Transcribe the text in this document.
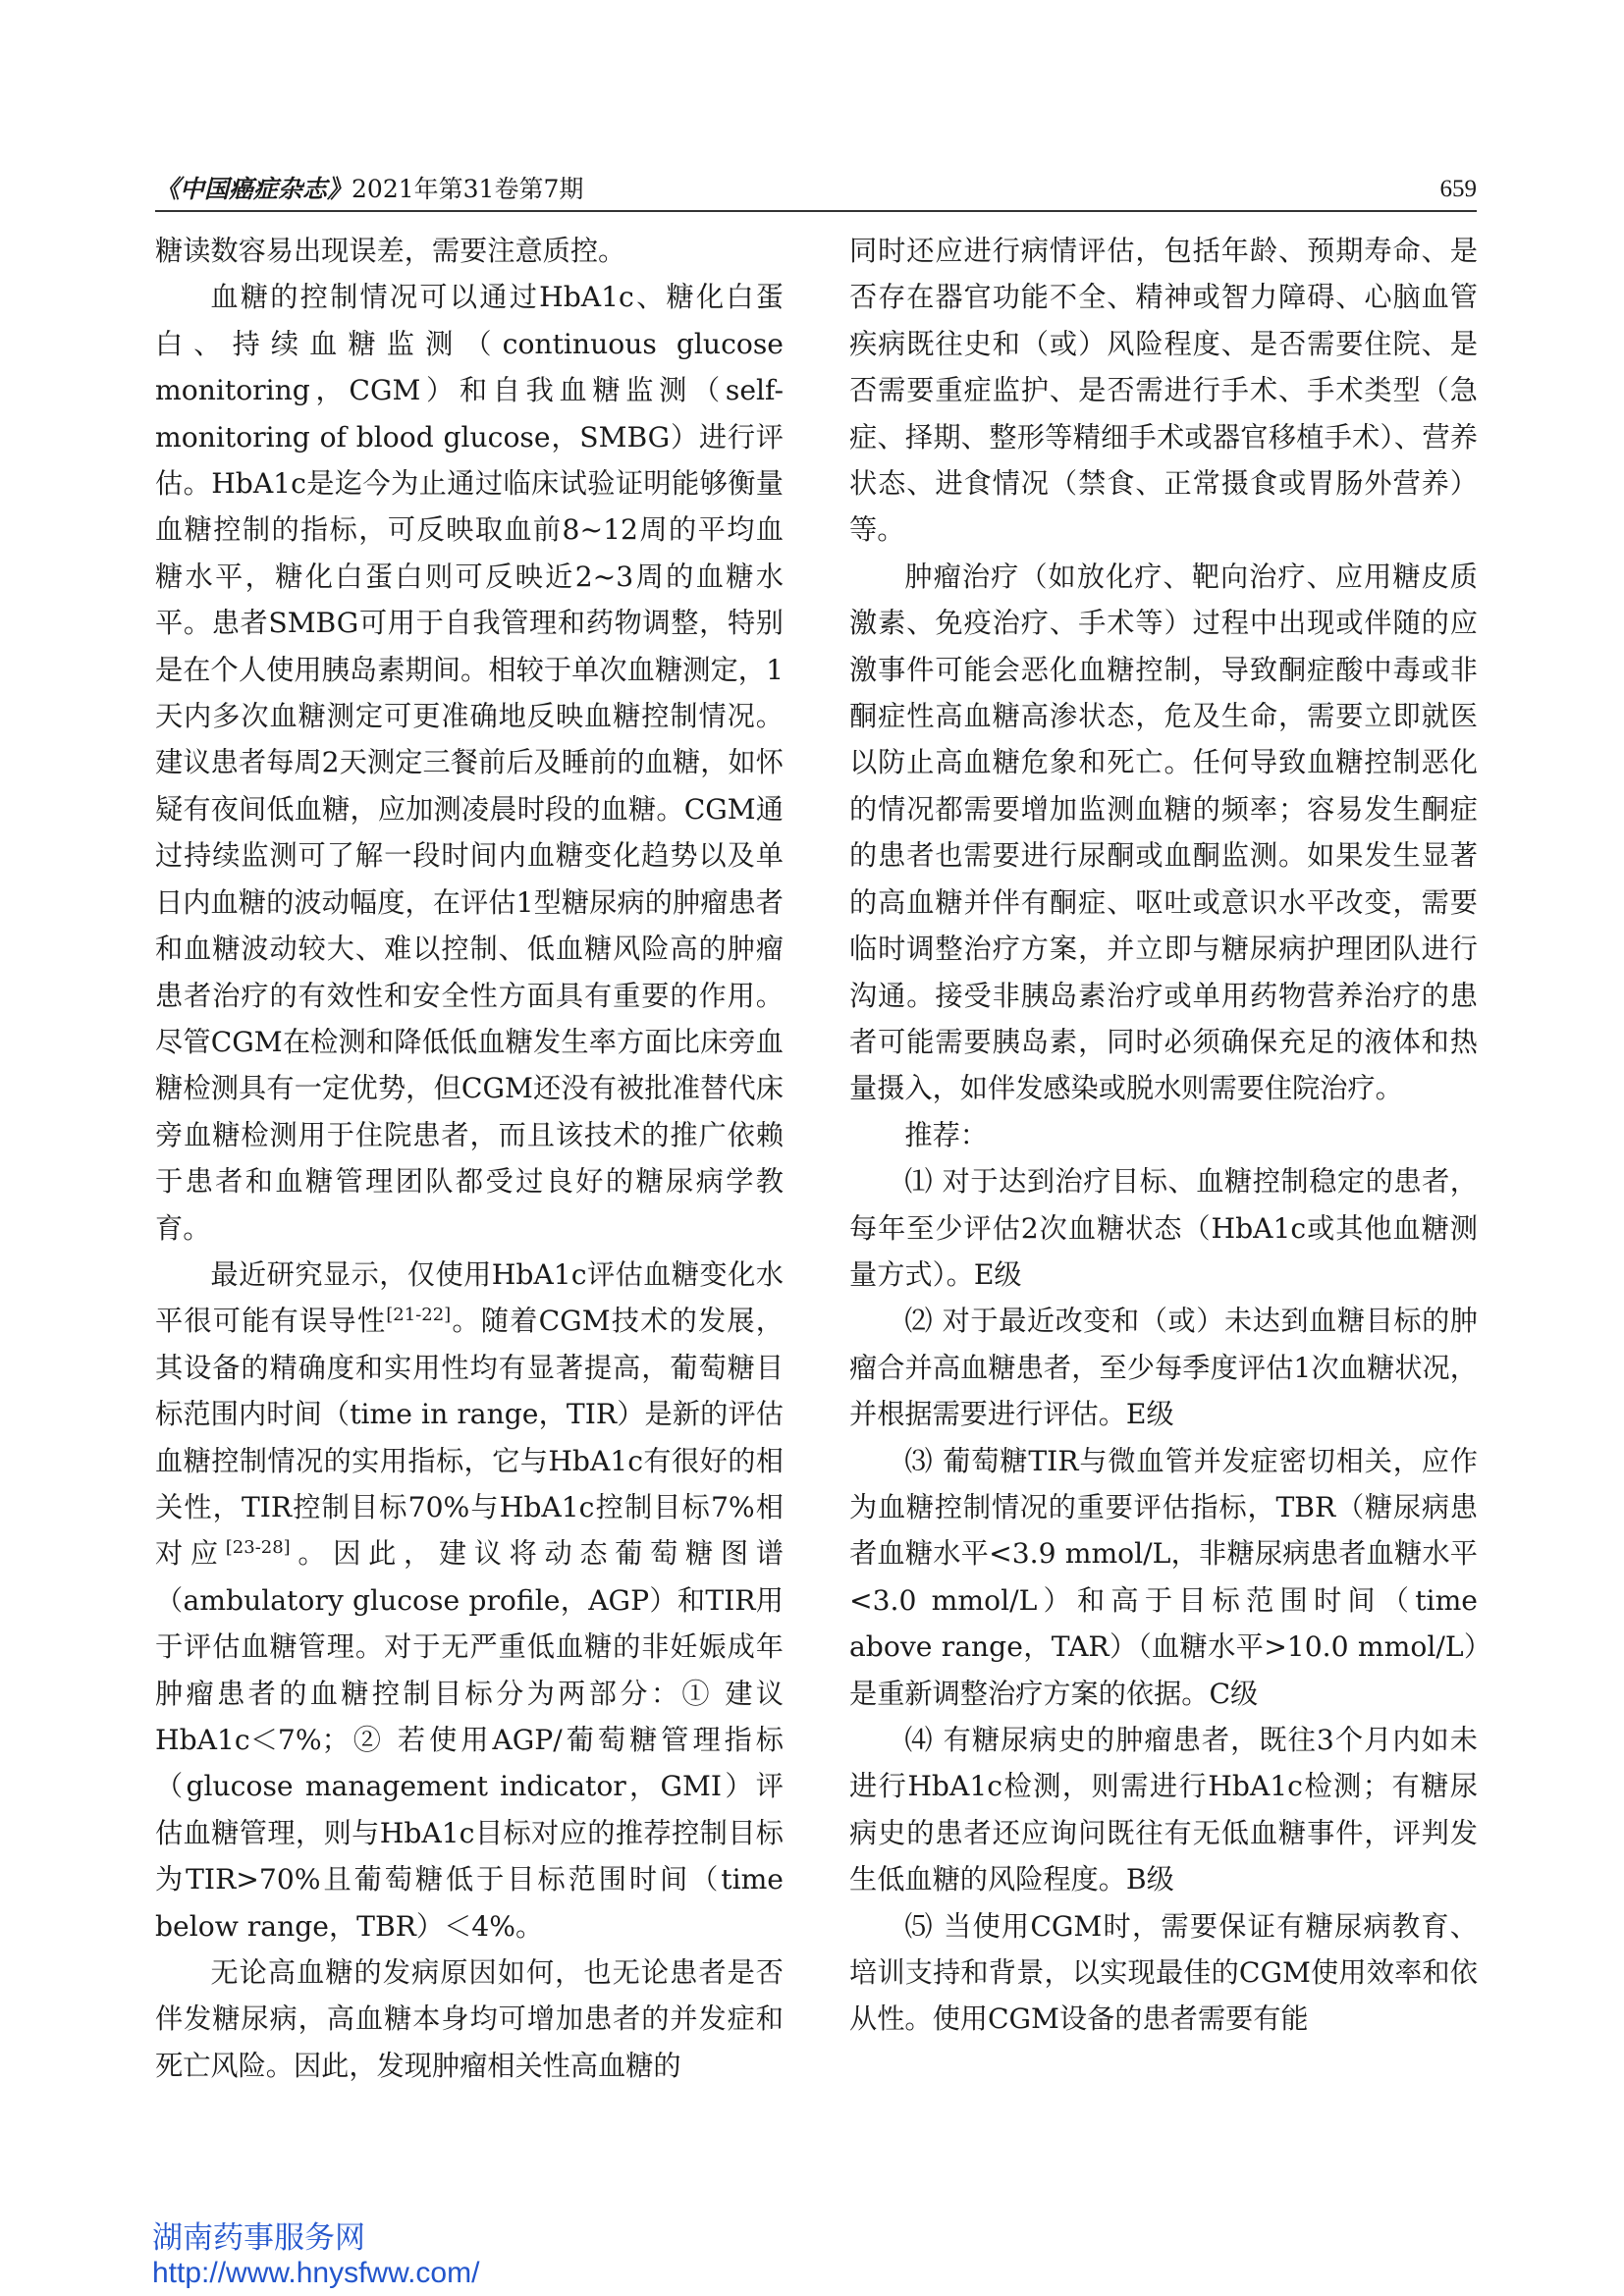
《中国癌症杂志》2021年第31卷第7期	659

糖读数容易出现误差，需要注意质控。

血糖的控制情况可以通过HbA1c、糖化白蛋白、持续血糖监测（continuous glucose monitoring，CGM）和自我血糖监测（self-monitoring of blood glucose，SMBG）进行评估。HbA1c是迄今为止通过临床试验证明能够衡量血糖控制的指标，可反映取血前8~12周的平均血糖水平，糖化白蛋白则可反映近2~3周的血糖水平。患者SMBG可用于自我管理和药物调整，特别是在个人使用胰岛素期间。相较于单次血糖测定，1天内多次血糖测定可更准确地反映血糖控制情况。建议患者每周2天测定三餐前后及睡前的血糖，如怀疑有夜间低血糖，应加测凌晨时段的血糖。CGM通过持续监测可了解一段时间内血糖变化趋势以及单日内血糖的波动幅度，在评估1型糖尿病的肿瘤患者和血糖波动较大、难以控制、低血糖风险高的肿瘤患者治疗的有效性和安全性方面具有重要的作用。尽管CGM在检测和降低低血糖发生率方面比床旁血糖检测具有一定优势，但CGM还没有被批准替代床旁血糖检测用于住院患者，而且该技术的推广依赖于患者和血糖管理团队都受过良好的糖尿病学教育。

最近研究显示，仅使用HbA1c评估血糖变化水平很可能有误导性[21-22]。随着CGM技术的发展，其设备的精确度和实用性均有显著提高，葡萄糖目标范围内时间（time in range，TIR）是新的评估血糖控制情况的实用指标，它与HbA1c有很好的相关性，TIR控制目标70%与HbA1c控制目标7%相对应[23-28]。因此，建议将动态葡萄糖图谱（ambulatory glucose profile，AGP）和TIR用于评估血糖管理。对于无严重低血糖的非妊娠成年肿瘤患者的血糖控制目标分为两部分：① 建议HbA1c＜7%；② 若使用AGP/葡萄糖管理指标（glucose management indicator，GMI）评估血糖管理，则与HbA1c目标对应的推荐控制目标为TIR>70%且葡萄糖低于目标范围时间（time below range，TBR）＜4%。

无论高血糖的发病原因如何，也无论患者是否伴发糖尿病，高血糖本身均可增加患者的并发症和死亡风险。因此，发现肿瘤相关性高血糖的

同时还应进行病情评估，包括年龄、预期寿命、是否存在器官功能不全、精神或智力障碍、心脑血管疾病既往史和（或）风险程度、是否需要住院、是否需要重症监护、是否需进行手术、手术类型（急症、择期、整形等精细手术或器官移植手术）、营养状态、进食情况（禁食、正常摄食或胃肠外营养）等。

肿瘤治疗（如放化疗、靶向治疗、应用糖皮质激素、免疫治疗、手术等）过程中出现或伴随的应激事件可能会恶化血糖控制，导致酮症酸中毒或非酮症性高血糖高渗状态，危及生命，需要立即就医以防止高血糖危象和死亡。任何导致血糖控制恶化的情况都需要增加监测血糖的频率；容易发生酮症的患者也需要进行尿酮或血酮监测。如果发生显著的高血糖并伴有酮症、呕吐或意识水平改变，需要临时调整治疗方案，并立即与糖尿病护理团队进行沟通。接受非胰岛素治疗或单用药物营养治疗的患者可能需要胰岛素，同时必须确保充足的液体和热量摄入，如伴发感染或脱水则需要住院治疗。

推荐：

⑴ 对于达到治疗目标、血糖控制稳定的患者，每年至少评估2次血糖状态（HbA1c或其他血糖测量方式）。E级

⑵ 对于最近改变和（或）未达到血糖目标的肿瘤合并高血糖患者，至少每季度评估1次血糖状况，并根据需要进行评估。E级

⑶ 葡萄糖TIR与微血管并发症密切相关，应作为血糖控制情况的重要评估指标，TBR（糖尿病患者血糖水平<3.9 mmol/L，非糖尿病患者血糖水平<3.0 mmol/L）和高于目标范围时间（time above range，TAR）（血糖水平>10.0 mmol/L）是重新调整治疗方案的依据。C级

⑷ 有糖尿病史的肿瘤患者，既往3个月内如未进行HbA1c检测，则需进行HbA1c检测；有糖尿病史的患者还应询问既往有无低血糖事件，评判发生低血糖的风险程度。B级

⑸ 当使用CGM时，需要保证有糖尿病教育、培训支持和背景，以实现最佳的CGM使用效率和依从性。使用CGM设备的患者需要有能

湖南药事服务网
http://www.hnysfww.com/
